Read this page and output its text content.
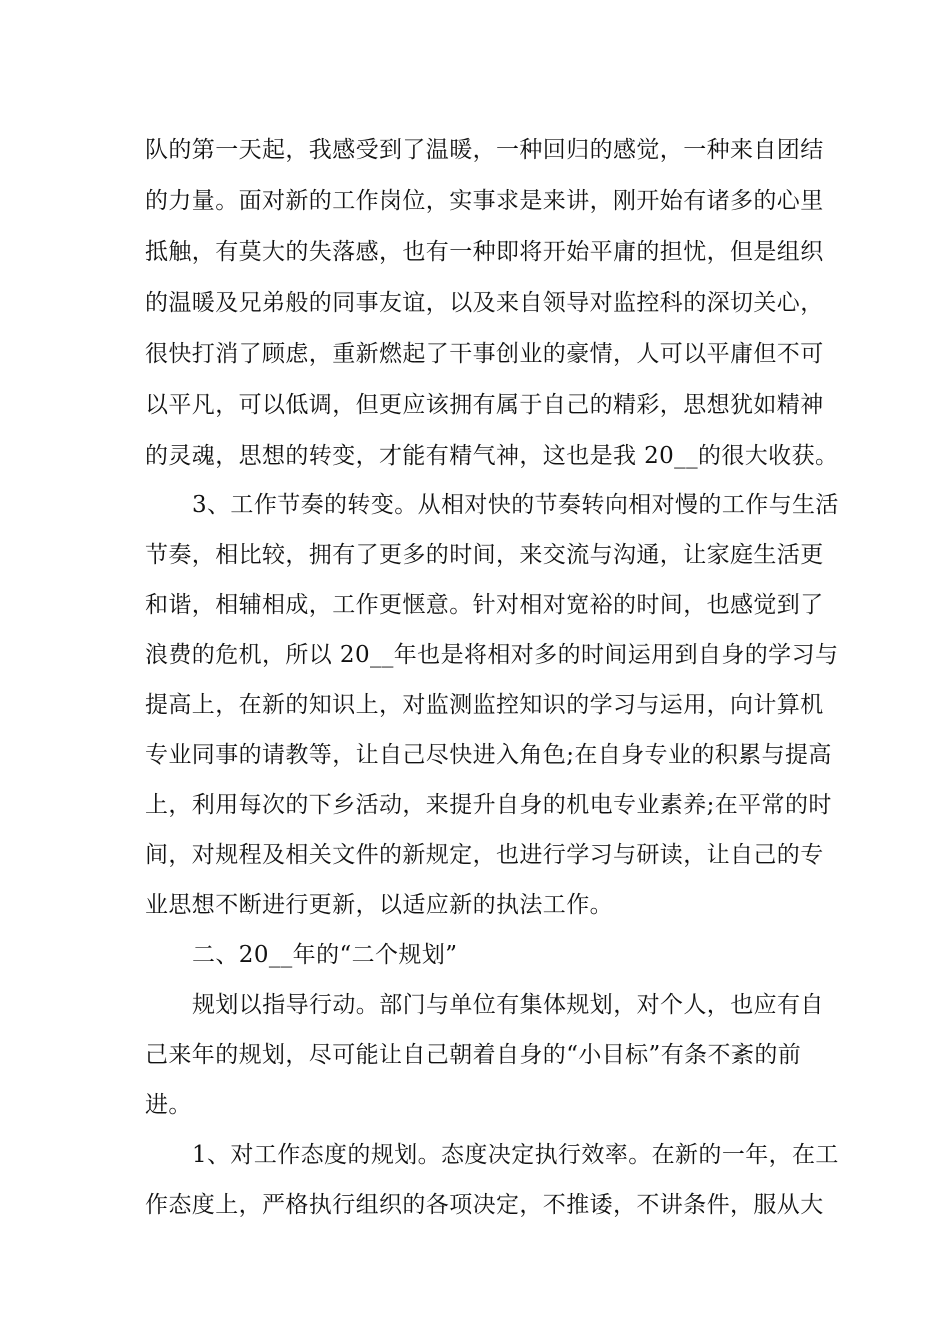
队的第一天起，我感受到了温暖，一种回归的感觉，一种来自团结
的力量。面对新的工作岗位，实事求是来讲，刚开始有诸多的心里
抵触，有莫大的失落感，也有一种即将开始平庸的担忧，但是组织
的温暖及兄弟般的同事友谊，以及来自领导对监控科的深切关心，
很快打消了顾虑，重新燃起了干事创业的豪情，人可以平庸但不可
以平凡，可以低调，但更应该拥有属于自己的精彩，思想犹如精神
的灵魂，思想的转变，才能有精气神，这也是我 20__的很大收获。
3、工作节奏的转变。从相对快的节奏转向相对慢的工作与生活
节奏，相比较，拥有了更多的时间，来交流与沟通，让家庭生活更
和谐，相辅相成，工作更惬意。针对相对宽裕的时间，也感觉到了
浪费的危机，所以 20__年也是将相对多的时间运用到自身的学习与
提高上，在新的知识上，对监测监控知识的学习与运用，向计算机
专业同事的请教等，让自己尽快进入角色;在自身专业的积累与提高
上，利用每次的下乡活动，来提升自身的机电专业素养;在平常的时
间，对规程及相关文件的新规定，也进行学习与研读，让自己的专
业思想不断进行更新，以适应新的执法工作。
二、20__年的“二个规划”
规划以指导行动。部门与单位有集体规划，对个人，也应有自
己来年的规划，尽可能让自己朝着自身的“小目标”有条不紊的前
进。
1、对工作态度的规划。态度决定执行效率。在新的一年，在工
作态度上，严格执行组织的各项决定，不推诿，不讲条件，服从大
